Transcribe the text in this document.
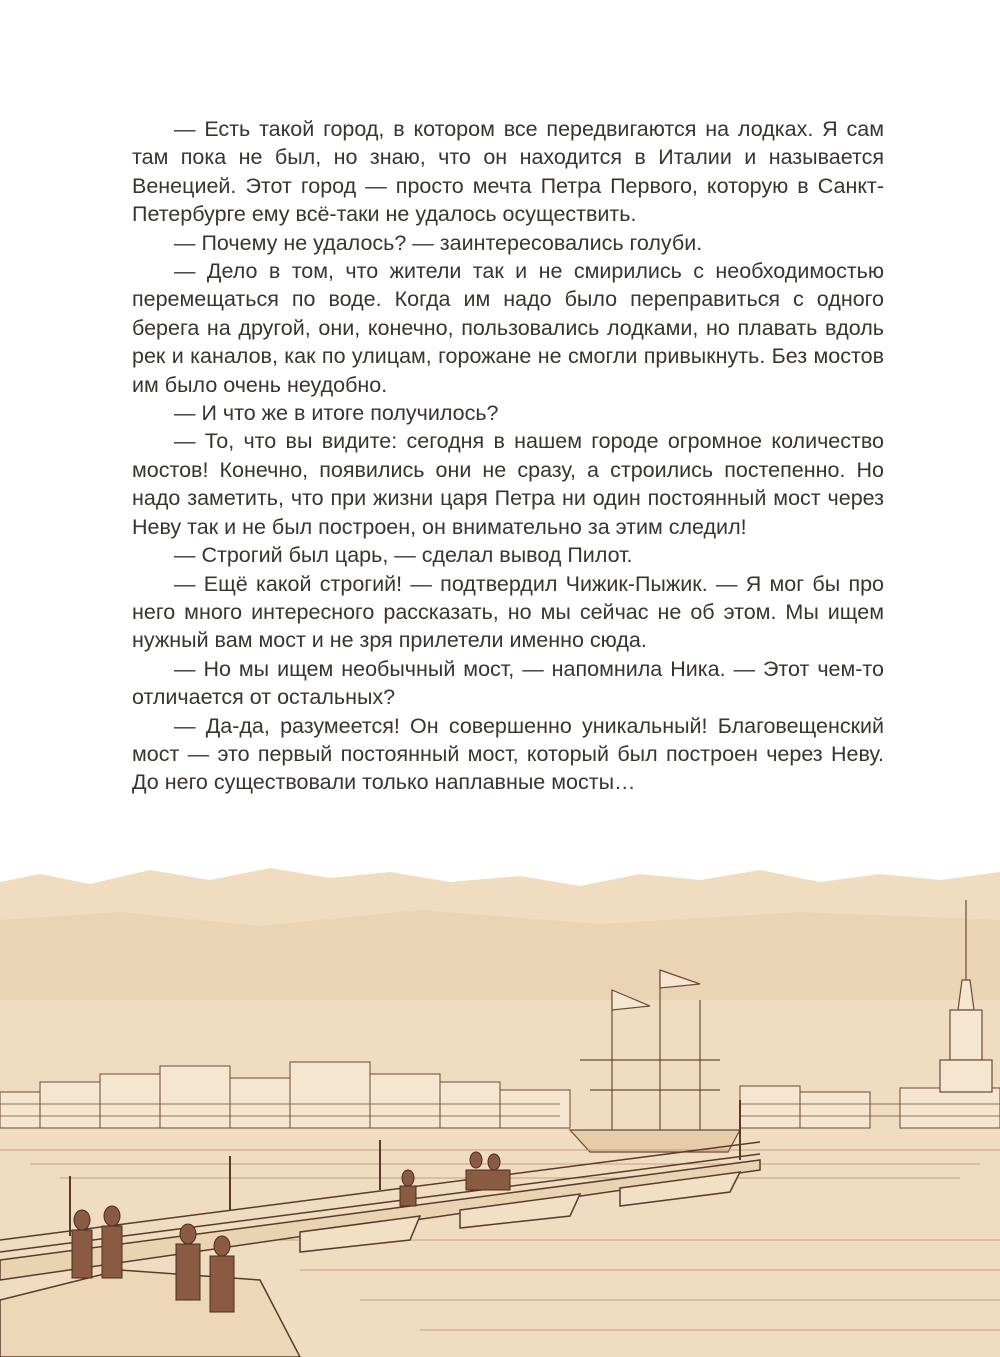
— Есть такой город, в котором все передвигаются на лодках. Я сам там пока не был, но знаю, что он находится в Италии и называется Венецией. Этот город — просто мечта Петра Первого, которую в Санкт-Петербурге ему всё-таки не удалось осуществить.

— Почему не удалось? — заинтересовались голуби.

— Дело в том, что жители так и не смирились с необходимостью перемещаться по воде. Когда им надо было переправиться с одного берега на другой, они, конечно, пользовались лодками, но плавать вдоль рек и каналов, как по улицам, горожане не смогли привыкнуть. Без мостов им было очень неудобно.

— И что же в итоге получилось?

— То, что вы видите: сегодня в нашем городе огромное количество мостов! Конечно, появились они не сразу, а строились постепенно. Но надо заметить, что при жизни царя Петра ни один постоянный мост через Неву так и не был построен, он внимательно за этим следил!

— Строгий был царь, — сделал вывод Пилот.

— Ещё какой строгий! — подтвердил Чижик-Пыжик. — Я мог бы про него много интересного рассказать, но мы сейчас не об этом. Мы ищем нужный вам мост и не зря прилетели именно сюда.

— Но мы ищем необычный мост, — напомнила Ника. — Этот чем-то отличается от остальных?

— Да-да, разумеется! Он совершенно уникальный! Благовещенский мост — это первый постоянный мост, который был построен через Неву. До него существовали только наплавные мосты…
